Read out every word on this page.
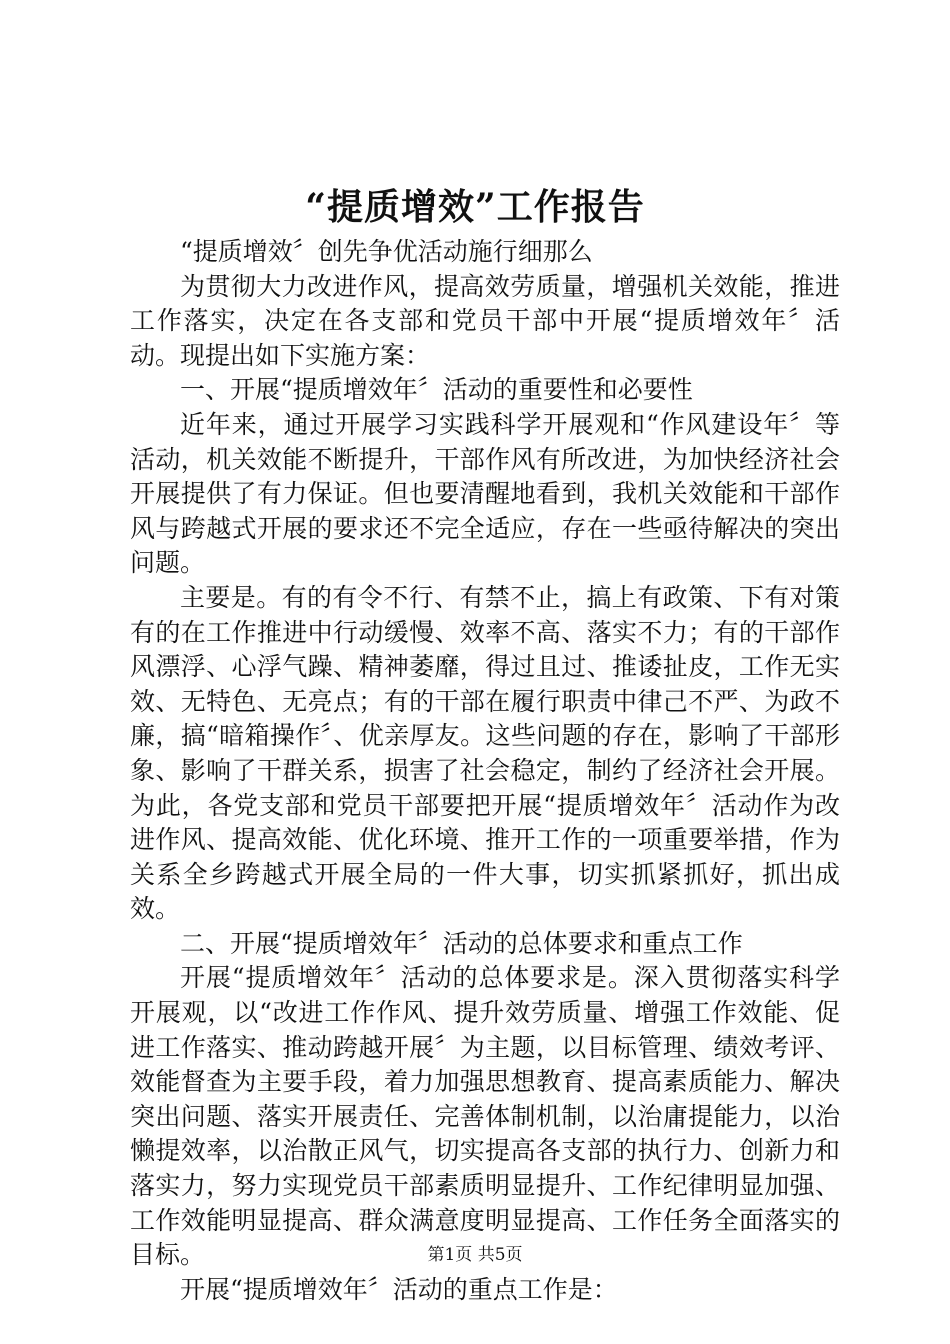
“提质增效”工作报告

“提质增效〞创先争优活动施行细那么

为贯彻大力改进作风，提高效劳质量，增强机关效能，推进工作落实，决定在各支部和党员干部中开展“提质增效年〞活动。现提出如下实施方案：

一、开展“提质增效年〞活动的重要性和必要性

近年来，通过开展学习实践科学开展观和“作风建设年〞等活动，机关效能不断提升，干部作风有所改进，为加快经济社会开展提供了有力保证。但也要清醒地看到，我机关效能和干部作风与跨越式开展的要求还不完全适应，存在一些亟待解决的突出问题。

主要是。有的有令不行、有禁不止，搞上有政策、下有对策有的在工作推进中行动缓慢、效率不高、落实不力；有的干部作风漂浮、心浮气躁、精神萎靡，得过且过、推诿扯皮，工作无实效、无特色、无亮点；有的干部在履行职责中律己不严、为政不廉，搞“暗箱操作〞、优亲厚友。这些问题的存在，影响了干部形象、影响了干群关系，损害了社会稳定，制约了经济社会开展。为此，各党支部和党员干部要把开展“提质增效年〞活动作为改进作风、提高效能、优化环境、推开工作的一项重要举措，作为关系全乡跨越式开展全局的一件大事，切实抓紧抓好，抓出成效。

二、开展“提质增效年〞活动的总体要求和重点工作

开展“提质增效年〞活动的总体要求是。深入贯彻落实科学开展观，以“改进工作作风、提升效劳质量、增强工作效能、促进工作落实、推动跨越开展〞为主题，以目标管理、绩效考评、效能督查为主要手段，着力加强思想教育、提高素质能力、解决突出问题、落实开展责任、完善体制机制，以治庸提能力，以治懒提效率，以治散正风气，切实提高各支部的执行力、创新力和落实力，努力实现党员干部素质明显提升、工作纪律明显加强、工作效能明显提高、群众满意度明显提高、工作任务全面落实的目标。

开展“提质增效年〞活动的重点工作是：

第1页 共5页
